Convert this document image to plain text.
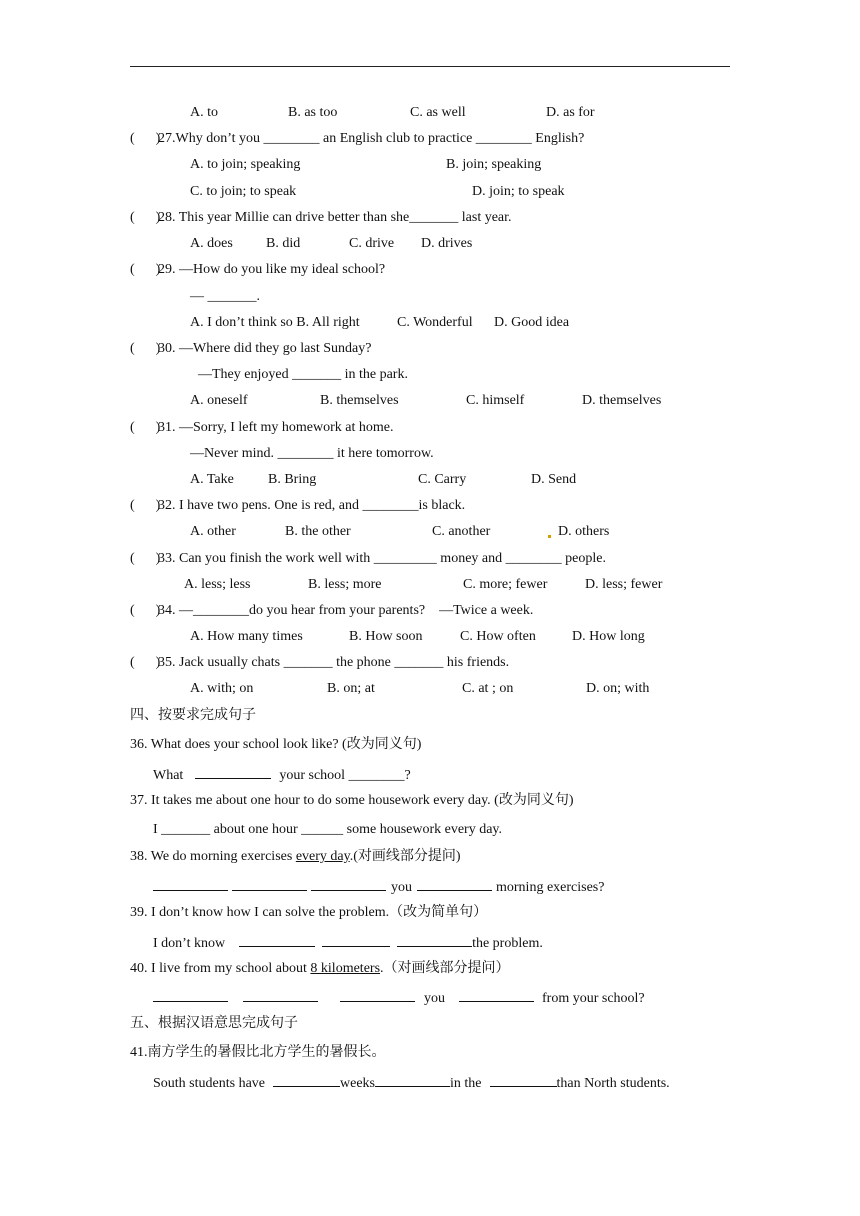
A. to	B. as too	C. as well	D. as for
(      )
27.Why don’t you ________ an English club to practice ________ English?
A. to join; speaking	B. join; speaking
C. to join; to speak	D. join; to speak
(      )
28. This year Millie can drive better than she_______ last year.
A. does B. did	C. drive D. drives
(      )
29. —How do you like my ideal school?
— _______.
A. I don’t think so B. All right	C. Wonderful D. Good idea
(      )
30. —Where did they go last Sunday?
—They enjoyed _______ in the park.
A. oneself	B. themselves	C. himself	D. themselves
(      )
31. —Sorry, I left my homework at home.
—Never mind. ________ it here tomorrow.
A. Take B. Bring	C. Carry	D. Send
(      )
32. I have two pens. One is red, and ________is black.
A. other	B. the other	C. another	D. others
(      )
33. Can you finish the work well with _________ money and ________ people.
A. less; less	B. less; more	C. more; fewer	D. less; fewer
(      )
34. —________do you hear from your parents?    —Twice a week.
A. How many times	B. How soon	C. How often	D. How long
(      )
35. Jack usually chats _______ the phone _______ his friends.
A. with; on	B. on; at	C. at ; on	D. on; with
四、按要求完成句子
36. What does your school look like? (改为同义句)
What	your school ________?
37. It takes me about one hour to do some housework every day. (改为同义句)
I _______ about one hour ______ some housework every day.
38. We do morning exercises every day.(对画线部分提问)
you	morning exercises?
39. I don’t know how I can solve the problem.（改为简单句）
I don’t know	the problem.
40. I live from my school about 8 kilometers.（对画线部分提问）
you	from your school?
五、根据汉语意思完成句子
41.南方学生的暑假比北方学生的暑假长。
South students have	weeks	in the	than North students.
